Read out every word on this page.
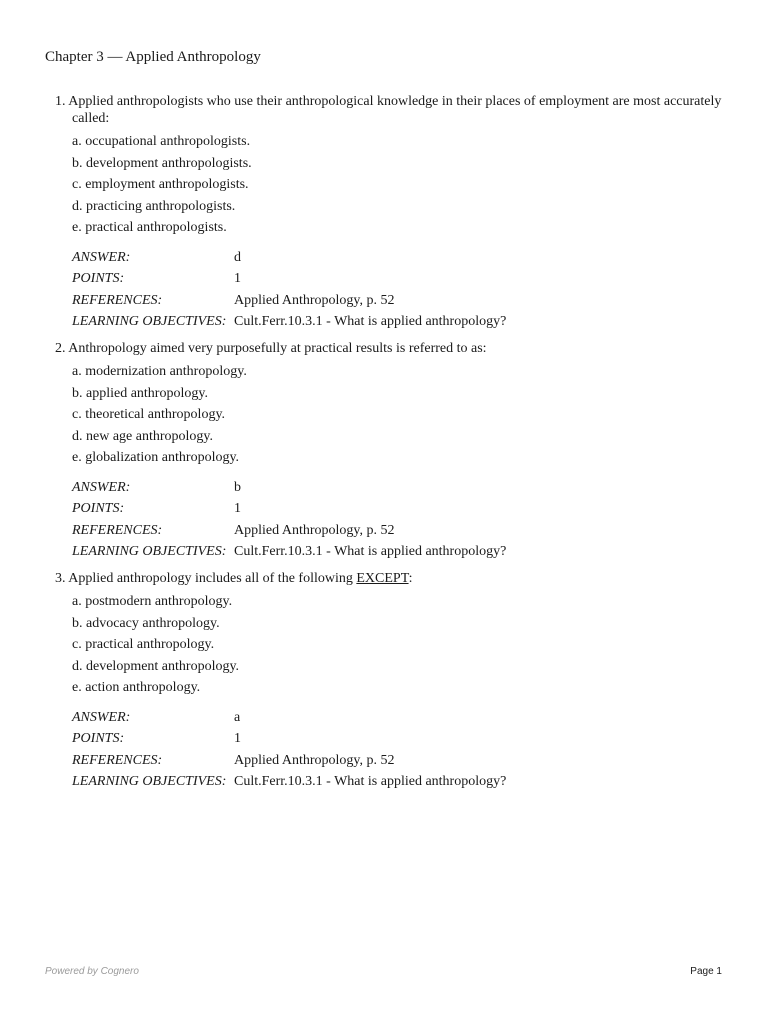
Chapter 3 — Applied Anthropology
1. Applied anthropologists who use their anthropological knowledge in their places of employment are most accurately called:
a. occupational anthropologists.
b. development anthropologists.
c. employment anthropologists.
d. practicing anthropologists.
e. practical anthropologists.
ANSWER:	d
POINTS:	1
REFERENCES:	Applied Anthropology, p. 52
LEARNING OBJECTIVES: Cult.Ferr.10.3.1 - What is applied anthropology?
2. Anthropology aimed very purposefully at practical results is referred to as:
a. modernization anthropology.
b. applied anthropology.
c. theoretical anthropology.
d. new age anthropology.
e. globalization anthropology.
ANSWER:	b
POINTS:	1
REFERENCES:	Applied Anthropology, p. 52
LEARNING OBJECTIVES: Cult.Ferr.10.3.1 - What is applied anthropology?
3. Applied anthropology includes all of the following EXCEPT:
a. postmodern anthropology.
b. advocacy anthropology.
c. practical anthropology.
d. development anthropology.
e. action anthropology.
ANSWER:	a
POINTS:	1
REFERENCES:	Applied Anthropology, p. 52
LEARNING OBJECTIVES: Cult.Ferr.10.3.1 - What is applied anthropology?
Powered by Cognero	Page 1
